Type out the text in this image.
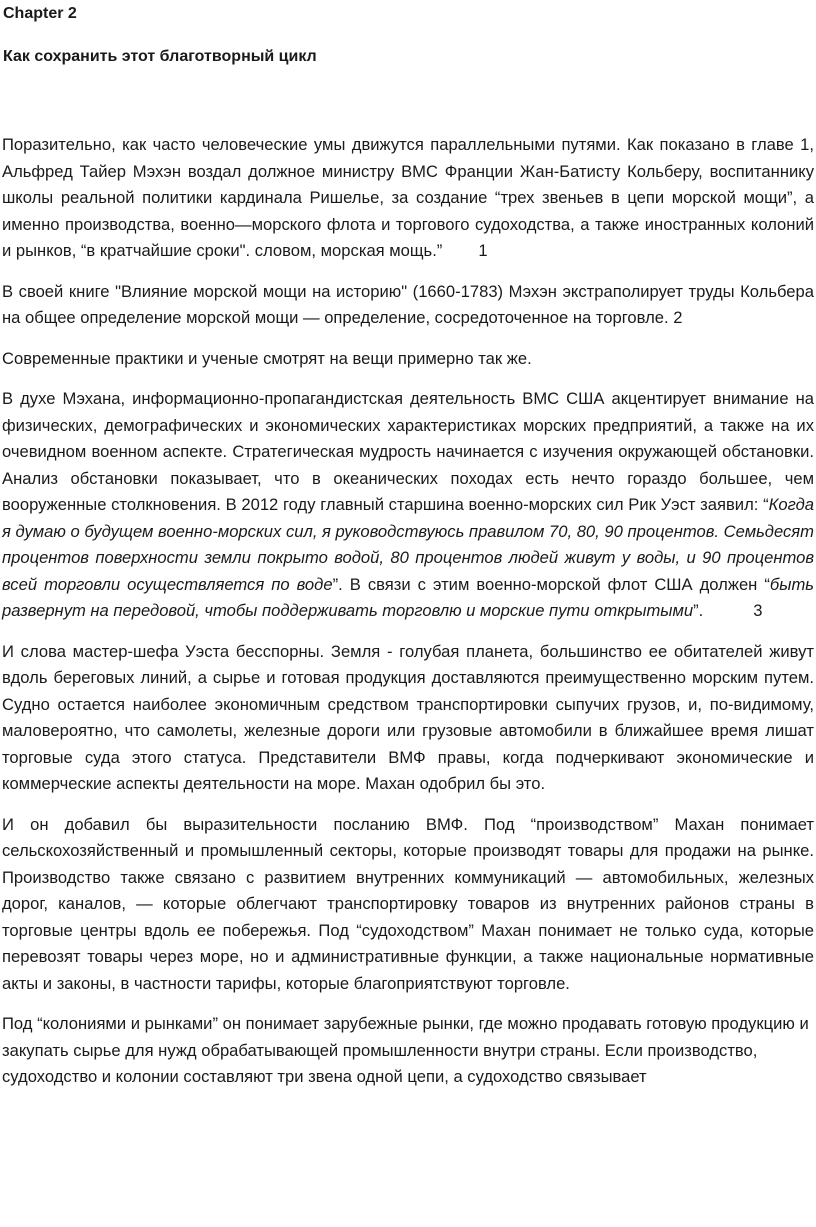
Chapter 2
Как сохранить этот благотворный цикл

Поразительно, как часто человеческие умы движутся параллельными путями. Как показано в главе 1, Альфред Тайер Мэхэн воздал должное министру ВМС Франции Жан-Батисту Кольберу, воспитаннику школы реальной политики кардинала Ришелье, за создание “трех звеньев в цепи морской мощи”, а именно производства, военно—морского флота и торгового судоходства, а также иностранных колоний и рынков, “в кратчайшие сроки". словом, морская мощь.” 1

В своей книге "Влияние морской мощи на историю" (1660-1783) Мэхэн экстраполирует труды Кольбера на общее определение морской мощи — определение, сосредоточенное на торговле. 2

Современные практики и ученые смотрят на вещи примерно так же.

В духе Мэхана, информационно-пропагандистская деятельность ВМС США акцентирует внимание на физических, демографических и экономических характеристиках морских предприятий, а также на их очевидном военном аспекте. Стратегическая мудрость начинается с изучения окружающей обстановки. Анализ обстановки показывает, что в океанических походах есть нечто гораздо большее, чем вооруженные столкновения. В 2012 году главный старшина военно-морских сил Рик Уэст заявил: “Когда я думаю о будущем военно-морских сил, я руководствуюсь правилом 70, 80, 90 процентов. Семьдесят процентов поверхности земли покрыто водой, 80 процентов людей живут у воды, и 90 процентов всей торговли осуществляется по воде”. В связи с этим военно-морской флот США должен “быть развернут на передовой, чтобы поддерживать торговлю и морские пути открытыми”.	3

И слова мастер-шефа Уэста бесспорны. Земля - голубая планета, большинство ее обитателей живут вдоль береговых линий, а сырье и готовая продукция доставляются преимущественно морским путем. Судно остается наиболее экономичным средством транспортировки сыпучих грузов, и, по-видимому, маловероятно, что самолеты, железные дороги или грузовые автомобили в ближайшее время лишат торговые суда этого статуса. Представители ВМФ правы, когда подчеркивают экономические и коммерческие аспекты деятельности на море. Махан одобрил бы это.

И он добавил бы выразительности посланию ВМФ. Под “производством” Махан понимает сельскохозяйственный и промышленный секторы, которые производят товары для продажи на рынке. Производство также связано с развитием внутренних коммуникаций — автомобильных, железных дорог, каналов, — которые облегчают транспортировку товаров из внутренних районов страны в торговые центры вдоль ее побережья. Под “судоходством” Махан понимает не только суда, которые перевозят товары через море, но и административные функции, а также национальные нормативные акты и законы, в частности тарифы, которые благоприятствуют торговле.

Под “колониями и рынками” он понимает зарубежные рынки, где можно продавать готовую продукцию и закупать сырье для нужд обрабатывающей промышленности внутри страны. Если производство, судоходство и колонии составляют три звена одной цепи, а судоходство связывает
